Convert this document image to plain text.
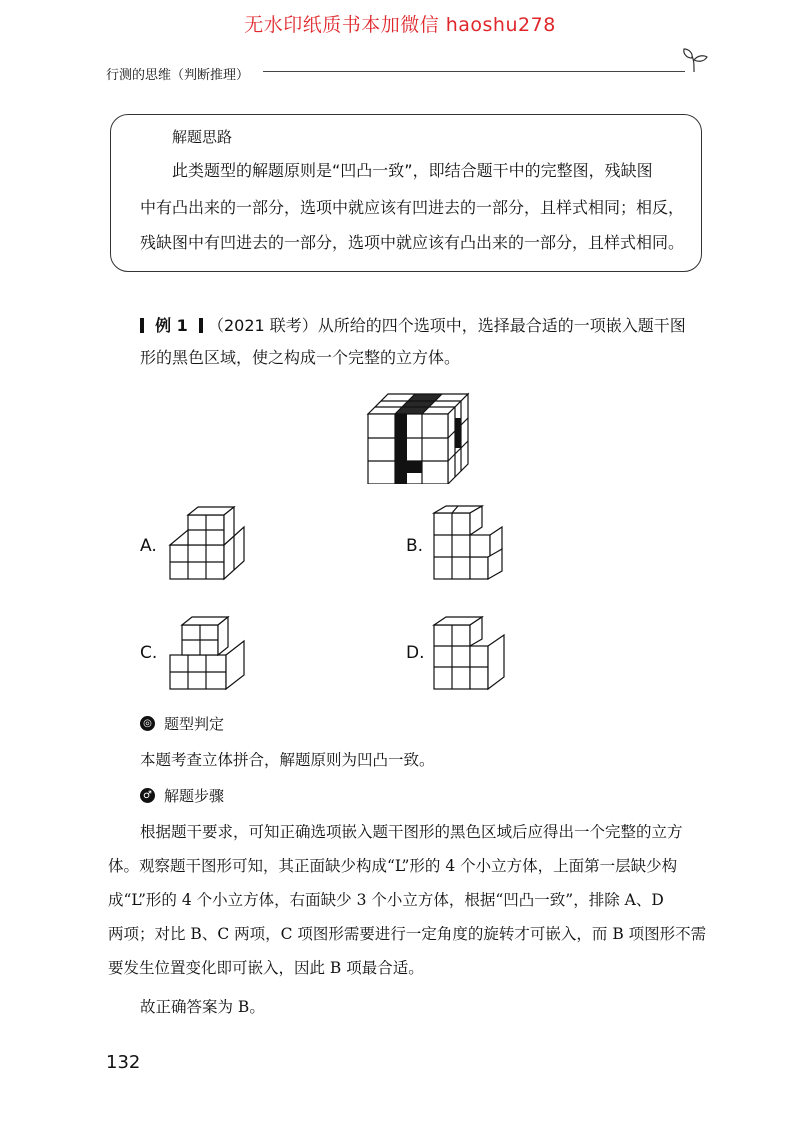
无水印纸质书本加微信 haoshu278
行测的思维（判断推理）
解题思路
此类题型的解题原则是“凹凸一致”，即结合题干中的完整图，残缺图
中有凸出来的一部分，选项中就应该有凹进去的一部分，且样式相同；相反，
残缺图中有凹进去的一部分，选项中就应该有凸出来的一部分，且样式相同。
例 1 （2021 联考）从所给的四个选项中，选择最合适的一项嵌入题干图
形的黑色区域，使之构成一个完整的立方体。
A.	B.
C.	D.
◎ 题型判定
本题考查立体拼合，解题原则为凹凸一致。
♂ 解题步骤
根据题干要求，可知正确选项嵌入题干图形的黑色区域后应得出一个完整的立方
体。观察题干图形可知，其正面缺少构成“L”形的 4 个小立方体，上面第一层缺少构
成“L”形的 4 个小立方体，右面缺少 3 个小立方体，根据“凹凸一致”，排除 A、D
两项；对比 B、C 两项，C 项图形需要进行一定角度的旋转才可嵌入，而 B 项图形不需
要发生位置变化即可嵌入，因此 B 项最合适。
故正确答案为 B。
132
